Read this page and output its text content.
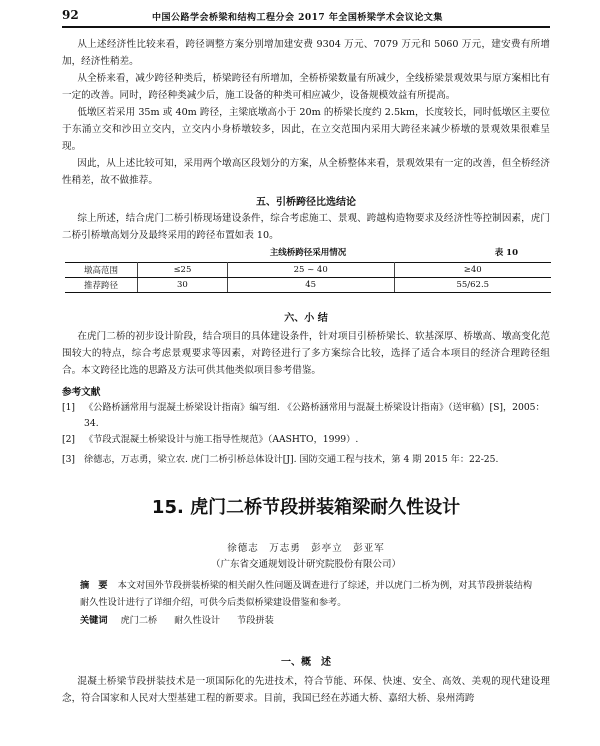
92	中国公路学会桥梁和结构工程分会 2017 年全国桥梁学术会议论文集

从上述经济性比较来看，跨径调整方案分别增加建安费 9304 万元、7079 万元和 5060 万元，建安费有所增加，经济性稍差。

从全桥来看，减少跨径种类后，桥梁跨径有所增加，全桥桥梁数量有所减少，全线桥梁景观效果与原方案相比有一定的改善。同时，跨径种类减少后，施工设备的种类可相应减少，设备规模效益有所提高。

低墩区若采用 35m 或 40m 跨径，主梁底墩高小于 20m 的桥梁长度约 2.5km，长度较长，同时低墩区主要位于东涌立交和沙田立交内，立交内小身桥墩较多，因此，在立交范围内采用大跨径来减少桥墩的景观效果很难呈现。

因此，从上述比较可知，采用两个墩高区段划分的方案，从全桥整体来看，景观效果有一定的改善，但全桥经济性稍差，故不做推荐。

五、引桥跨径比选结论

综上所述，结合虎门二桥引桥现场建设条件，综合考虑施工、景观、跨越构造物要求及经济性等控制因素，虎门二桥引桥墩高划分及最终采用的跨径布置如表 10。

主线桥跨径采用情况	表 10
墩高范围	≤25	25 ~ 40	≥40
推荐跨径	30	45	55/62.5
六、小 结

在虎门二桥的初步设计阶段，结合项目的具体建设条件，针对项目引桥桥梁长、软基深厚、桥墩高、墩高变化范围较大的特点，综合考虑景观要求等因素，对跨径进行了多方案综合比较，选择了适合本项目的经济合理跨径组合。本文跨径比选的思路及方法可供其他类似项目参考借鉴。

参考文献
[1] 《公路桥涵常用与混凝土桥梁设计指南》编写组. 《公路桥涵常用与混凝土桥梁设计指南》（送审稿）[S]，2005：34.
[2] 《节段式混凝土桥梁设计与施工指导性规范》（AASHTO，1999）.
[3] 徐德志，万志勇，梁立农. 虎门二桥引桥总体设计[J]. 国防交通工程与技术，第 4 期 2015 年：22-25.
15. 虎门二桥节段拼装箱梁耐久性设计
徐德志　万志勇　彭亭立　彭亚军
（广东省交通规划设计研究院股份有限公司）
摘　要 本文对国外节段拼装桥梁的相关耐久性问题及调查进行了综述，并以虎门二桥为例，对其节段拼装结构耐久性设计进行了详细介绍，可供今后类似桥梁建设借鉴和参考。
关键词 虎门二桥 耐久性设计 节段拼装
一、概　述

混凝土桥梁节段拼装技术是一项国际化的先进技术，符合节能、环保、快速、安全、高效、美观的现代建设理念，符合国家和人民对大型基建工程的新要求。目前，我国已经在苏通大桥、嘉绍大桥、泉州湾跨
